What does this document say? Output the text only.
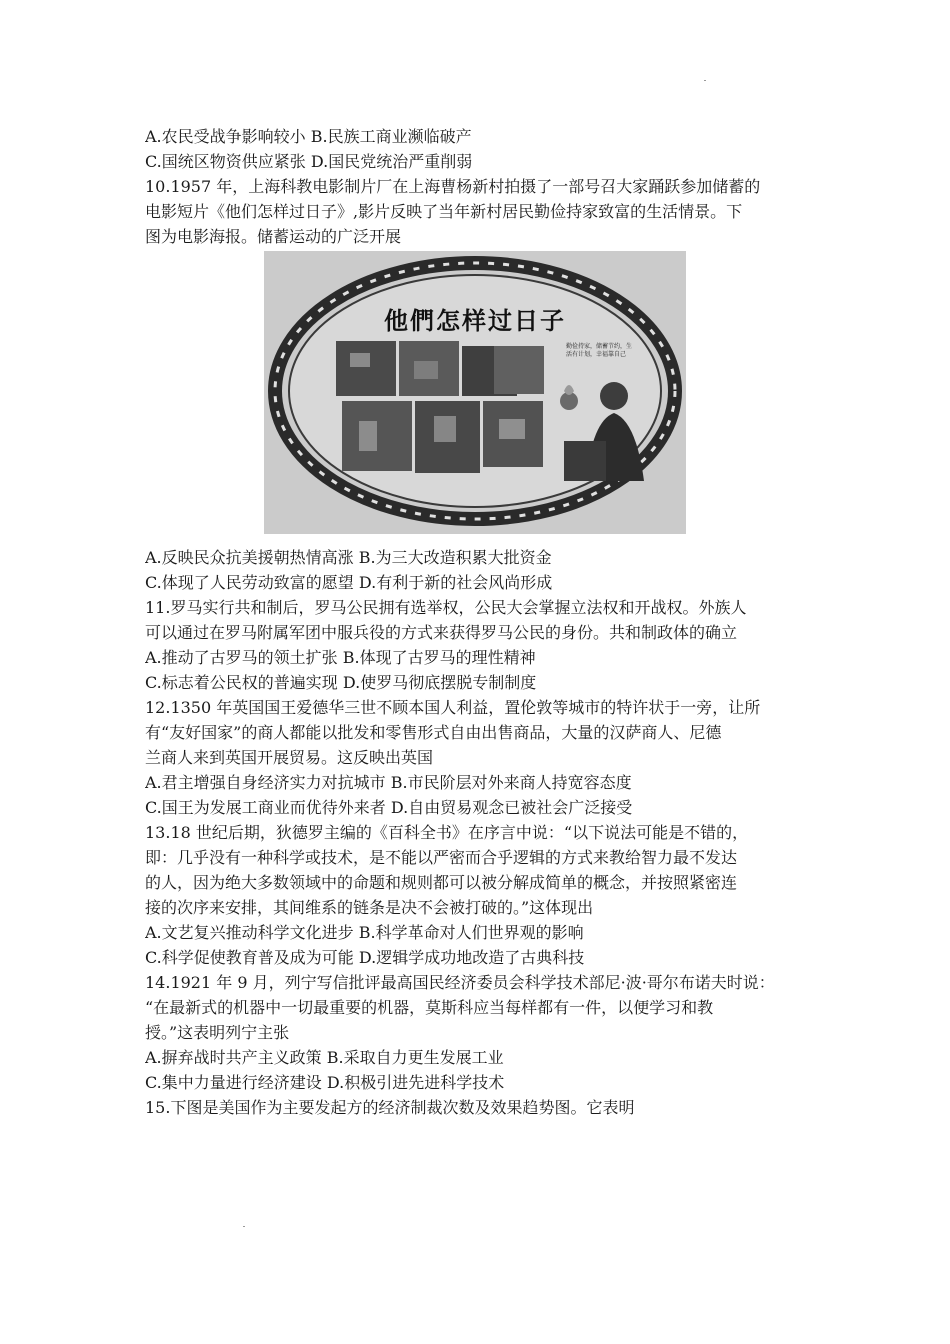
A.农民受战争影响较小 B.民族工商业濒临破产
C.国统区物资供应紧张 D.国民党统治严重削弱
10.1957 年，上海科教电影制片厂在上海曹杨新村拍摄了一部号召大家踊跃参加储蓄的
电影短片《他们怎样过日子》,影片反映了当年新村居民勤俭持家致富的生活情景。下
图为电影海报。储蓄运动的广泛开展
他們怎样过日子
勤俭持家，储蓄节约，生活有计划，幸福靠自己
A.反映民众抗美援朝热情高涨 B.为三大改造积累大批资金
C.体现了人民劳动致富的愿望 D.有利于新的社会风尚形成
11.罗马实行共和制后，罗马公民拥有选举权，公民大会掌握立法权和开战权。外族人
可以通过在罗马附属军团中服兵役的方式来获得罗马公民的身份。共和制政体的确立
A.推动了古罗马的领土扩张 B.体现了古罗马的理性精神
C.标志着公民权的普遍实现 D.使罗马彻底摆脱专制制度
12.1350 年英国国王爱德华三世不顾本国人利益，置伦敦等城市的特许状于一旁，让所
有“友好国家”的商人都能以批发和零售形式自由出售商品，大量的汉萨商人、尼德
兰商人来到英国开展贸易。这反映出英国
A.君主增强自身经济实力对抗城市 B.市民阶层对外来商人持宽容态度
C.国王为发展工商业而优待外来者 D.自由贸易观念已被社会广泛接受
13.18 世纪后期，狄德罗主编的《百科全书》在序言中说：“以下说法可能是不错的，
即：几乎没有一种科学或技术，是不能以严密而合乎逻辑的方式来教给智力最不发达
的人，因为绝大多数领域中的命题和规则都可以被分解成简单的概念，并按照紧密连
接的次序来安排，其间维系的链条是决不会被打破的。”这体现出
A.文艺复兴推动科学文化进步 B.科学革命对人们世界观的影响
C.科学促使教育普及成为可能 D.逻辑学成功地改造了古典科技
14.1921 年 9 月，列宁写信批评最高国民经济委员会科学技术部尼·波·哥尔布诺夫时说：
“在最新式的机器中一切最重要的机器，莫斯科应当每样都有一件，以便学习和教
授。”这表明列宁主张
A.摒弃战时共产主义政策 B.采取自力更生发展工业
C.集中力量进行经济建设 D.积极引进先进科学技术
15.下图是美国作为主要发起方的经济制裁次数及效果趋势图。它表明
